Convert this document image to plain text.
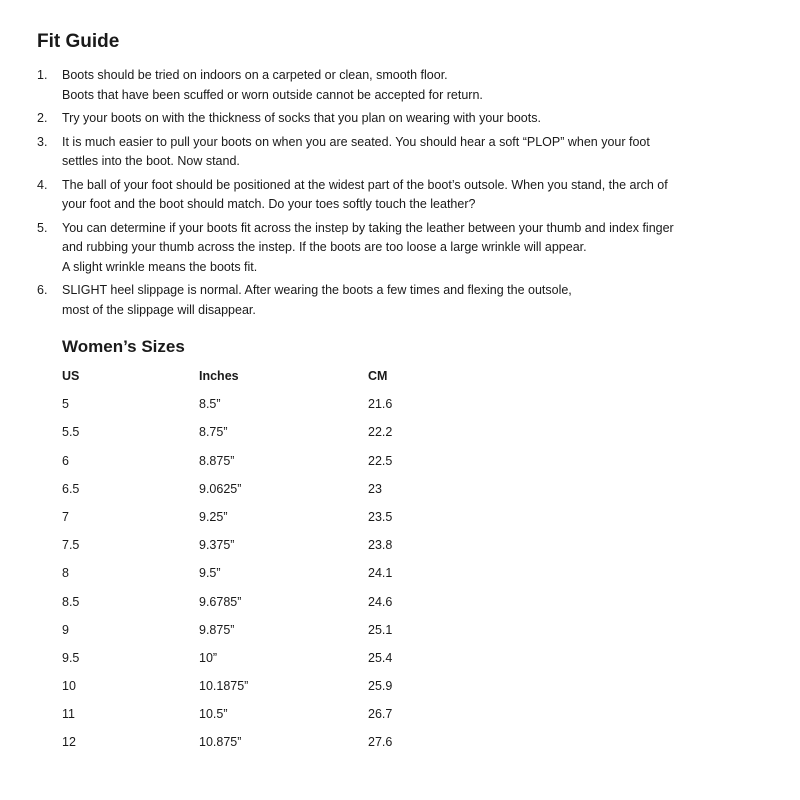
Fit Guide
1. Boots should be tried on indoors on a carpeted or clean, smooth floor.
Boots that have been scuffed or worn outside cannot be accepted for return.
2. Try your boots on with the thickness of socks that you plan on wearing with your boots.
3. It is much easier to pull your boots on when you are seated. You should hear a soft “PLOP” when your foot
settles into the boot. Now stand.
4. The ball of your foot should be positioned at the widest part of the boot’s outsole. When you stand, the arch of
your foot and the boot should match. Do your toes softly touch the leather?
5. You can determine if your boots fit across the instep by taking the leather between your thumb and index finger
and rubbing your thumb across the instep. If the boots are too loose a large wrinkle will appear.
A slight wrinkle means the boots fit.
6. SLIGHT heel slippage is normal. After wearing the boots a few times and flexing the outsole,
most of the slippage will disappear.
Women’s Sizes
US	Inches	CM
5	8.5”	21.6
5.5	8.75”	22.2
6	8.875”	22.5
6.5	9.0625”	23
7	9.25”	23.5
7.5	9.375”	23.8
8	9.5”	24.1
8.5	9.6785”	24.6
9	9.875”	25.1
9.5	10”	25.4
10	10.1875”	25.9
11	10.5”	26.7
12	10.875”	27.6
